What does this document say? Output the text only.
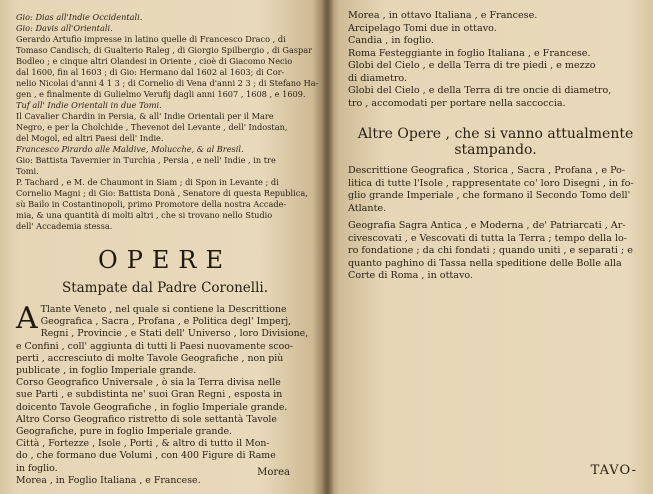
Gio: Dias all'Indie Occidentali.

Gio: Davis all'Orientali.

Gerardo Artufio impresse in latino quelle di Francesco Draco , di

Tomaso Candisch, di Gualterio Raleg , di Giorgio Spilbergio , di Gaspar

Bodleo ; e cinque altri Olandesi in Oriente , cioè di Giacomo Necio

dal 1600, fin al 1603 ; di Gio: Hermano dal 1602 al 1603; di Cor-

nelio Nicolai d'anni 4 1 3 ; di Cornelio di Vena d'anni 2 3 ; di Stefano Ha-

gen , e finalmente di Gulielmo Verufij dagli anni 1607 , 1608 , e 1609.

Tuf all' Indie Orientali in due Tomi.

Il Cavalier Chardin in Persia, & all' Indie Orientali per il Mare

Negro, e per la Cholchide , Thevenot del Levante , dell' Indostan,

del Mogol, ed altri Paesi dell' Indie.

Francesco Pirardo alle Maldive, Molucche, & al Bresil.

Gio: Battista Tavernier in Turchia , Persia , e nell' Indie , in tre

Tomi.

P. Tachard , e M. de Chaumont in Siam ; di Spon in Levante ; di

Cornelio Magni ; di Gio: Battista Donà , Senatore di questa Republica,

sù Bailo in Costantinopoli, primo Promotore della nostra Accade-

mia, & una quantità di molti altri , che si trovano nello Studio

dell' Accademia stessa.

OPERE
Stampate dal Padre Coronelli.
A Tlante Veneto , nel quale si contiene la Descrittione

Geografica , Sacra , Profana , e Politica degl' Imperj,

Regni , Provincie , e Stati dell' Universo , loro Divisione,

e Confini , coll' aggiunta di tutti li Paesi nuovamente scoo-

perti , accresciuto di molte Tavole Geografiche , non più

publicate , in foglio Imperiale grande.

Corso Geografico Universale , ò sia la Terra divisa nelle

sue Parti , e subdistinta ne' suoi Gran Regni , esposta in

doicento Tavole Geografiche , in foglio Imperiale grande.

Altro Corso Geografico ristretto di sole settantà Tavole

Geografiche, pure in foglio Imperiale grande.

Città , Fortezze , Isole , Porti , & altro di tutto il Mon-

do , che formano due Volumi , con 400 Figure di Rame

in foglio.

Morea , in Foglio Italiana , e Francese.

Morea

Morea , in ottavo Italiana , e Francese.

Arcipelago Tomi due in ottavo.

Candia , in foglio.

Roma Festeggiante in foglio Italiana , e Francese.

Globi del Cielo , e della Terra di tre piedi , e mezzo

di diametro.

Globi del Cielo , e della Terra di tre oncie di diametro,

tro , accomodati per portare nella saccoccia.

Altre Opere , che si vanno attualmente
stampando.

Descrittione Geografica , Storica , Sacra , Profana , e Po-

litica di tutte l'Isole , rappresentate co' loro Disegni , in fo-

glio grande Imperiale , che formano il Secondo Tomo dell'

Atlante.

Geografia Sagra Antica , e Moderna , de' Patriarcati , Ar-

civescovati , e Vescovati di tutta la Terra ; tempo della lo-

ro fondatione ; da chi fondati ; quando uniti , e separati ; e

quanto paghino di Tassa nella speditione delle Bolle alla

Corte di Roma , in ottavo.

TAVO-
